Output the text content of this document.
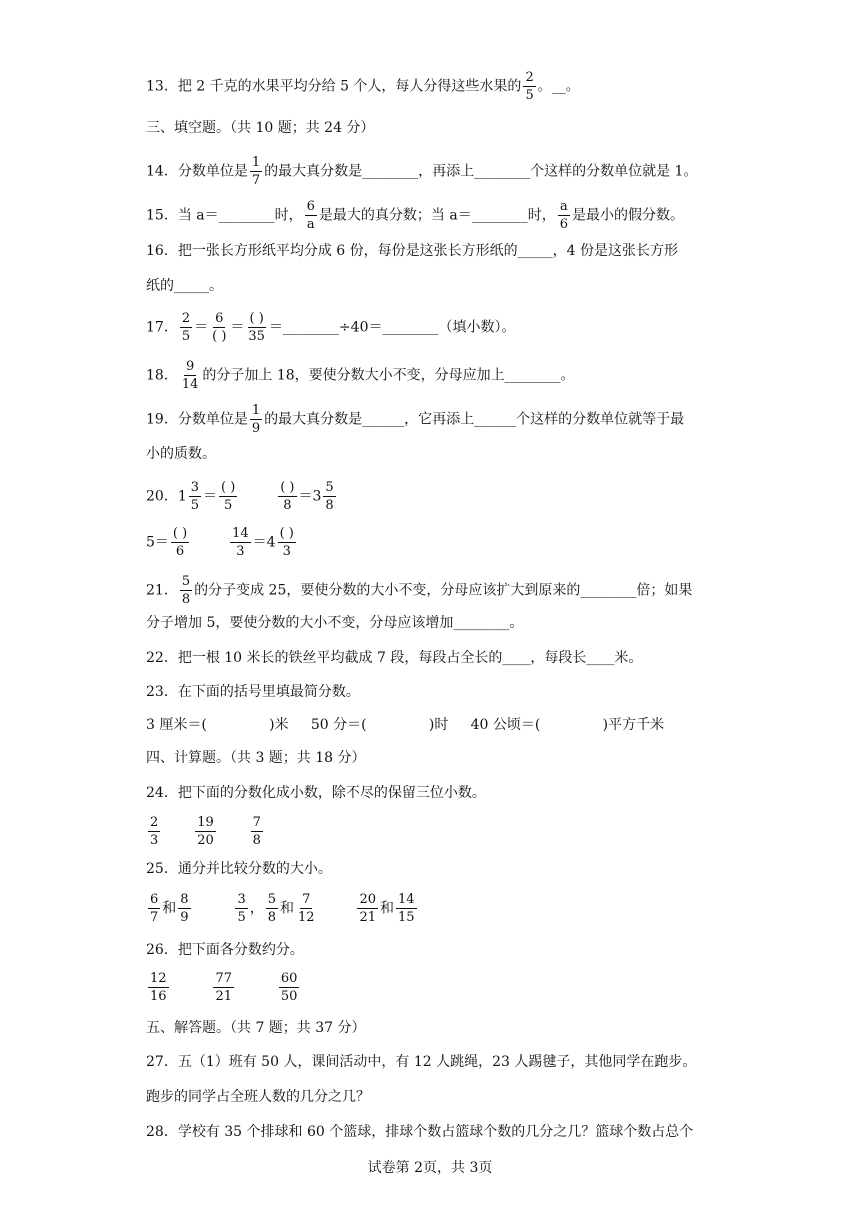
13．把 2 千克的水果平均分给 5 个人，每人分得这些水果的 $\frac{2}{5}$ 。__。
三、填空题。（共 10 题；共 24 分）
14．分数单位是 $\frac{1}{7}$ 的最大真分数是________，再添上________个这样的分数单位就是 1。
15．当 a＝________时， $\frac{6}{a}$ 是最大的真分数；当 a＝________时， $\frac{a}{6}$ 是最小的假分数。
16．把一张长方形纸平均分成 6 份，每份是这张长方形纸的_____，4 份是这张长方形
纸的_____。
17． $\frac{2}{5} = \frac{6}{( )} = \frac{( )}{35}$ ＝________÷40＝________（填小数）。
18． $\frac{9}{14}$ 的分子加上 18，要使分数大小不变，分母应加上________。
19．分数单位是 $\frac{1}{9}$ 的最大真分数是______，它再添上______个这样的分数单位就等于最
小的质数。
20．$1 \frac{3}{5} = \frac{( )}{5}$
	$\frac{( )}{8} =3 \frac{5}{8}$
$5= \frac{( )}{6}$
	$\frac{14}{3} =4 \frac{( )}{3}$
21． $\frac{5}{8}$ 的分子变成 25，要使分数的大小不变，分母应该扩大到原来的________倍；如果
分子增加 5，要使分数的大小不变，分母应该增加________。
22．把一根 10 米长的铁丝平均截成 7 段，每段占全长的____，每段长____米。
23．在下面的括号里填最简分数。
3 厘米＝(              )米     50 分＝(              )时     40 公顷＝(              )平方千米
四、计算题。（共 3 题；共 18 分）
24．把下面的分数化成小数，除不尽的保留三位小数。
$\frac{2}{3}$
	$\frac{19}{20}$
	$\frac{7}{8}$
25．通分并比较分数的大小。
$\frac{6}{7}$ 和 $\frac{8}{9}$
	$\frac{3}{5}$ ， $\frac{5}{8}$ 和 $\frac{7}{12}$
	$\frac{20}{21}$ 和 $\frac{14}{15}$
26．把下面各分数约分。
$\frac{12}{16}$
	$\frac{77}{21}$
	$\frac{60}{50}$
五、解答题。（共 7 题；共 37 分）
27．五（1）班有 50 人，课间活动中，有 12 人跳绳，23 人踢毽子，其他同学在跑步。
跑步的同学占全班人数的几分之几？
28．学校有 35 个排球和 60 个篮球，排球个数占篮球个数的几分之几？篮球个数占总个
试卷第 2页，共 3页
